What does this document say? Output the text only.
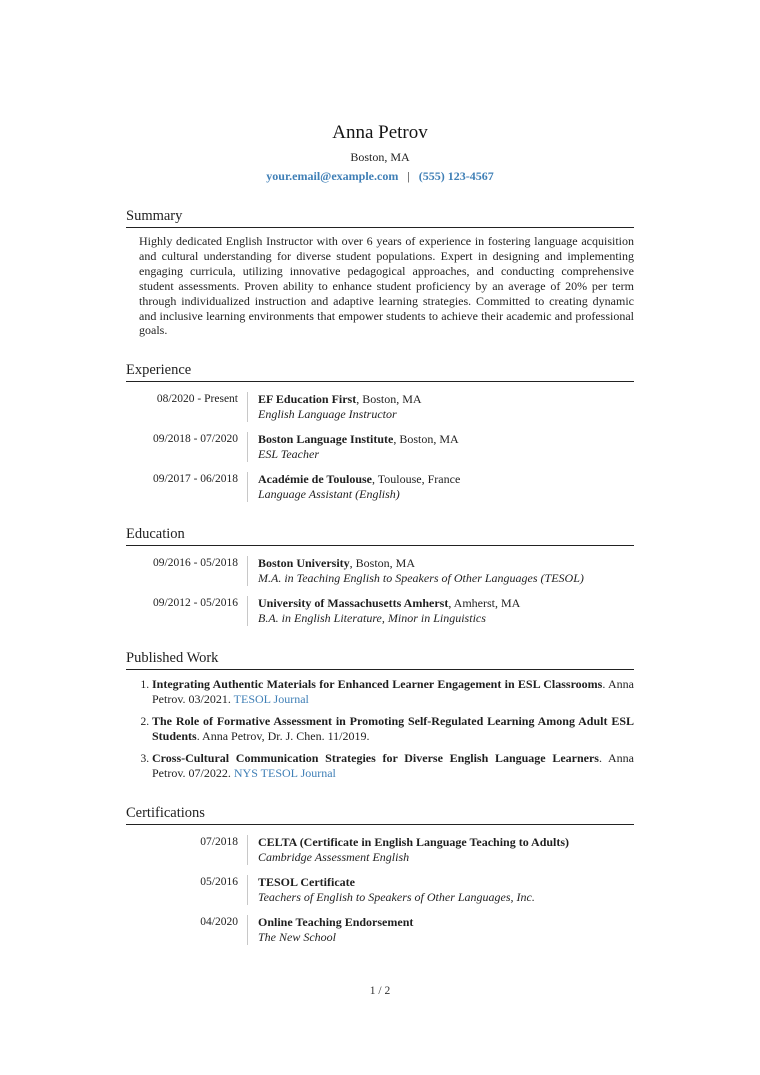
Anna Petrov
Boston, MA
your.email@example.com | (555) 123-4567
Summary
Highly dedicated English Instructor with over 6 years of experience in fostering language acquisition and cultural understanding for diverse student populations. Expert in designing and implementing engaging curricula, utilizing innovative pedagogical approaches, and conducting comprehensive student assessments. Proven ability to enhance student proficiency by an average of 20% per term through individualized instruction and adaptive learning strategies. Committed to creating dynamic and inclusive learning environments that empower students to achieve their academic and professional goals.
Experience
08/2020 - Present	EF Education First, Boston, MA
English Language Instructor
09/2018 - 07/2020	Boston Language Institute, Boston, MA
ESL Teacher
09/2017 - 06/2018	Académie de Toulouse, Toulouse, France
Language Assistant (English)
Education
09/2016 - 05/2018	Boston University, Boston, MA
M.A. in Teaching English to Speakers of Other Languages (TESOL)
09/2012 - 05/2016	University of Massachusetts Amherst, Amherst, MA
B.A. in English Literature, Minor in Linguistics
Published Work
1. Integrating Authentic Materials for Enhanced Learner Engagement in ESL Classrooms. Anna Petrov. 03/2021. TESOL Journal
2. The Role of Formative Assessment in Promoting Self-Regulated Learning Among Adult ESL Students. Anna Petrov, Dr. J. Chen. 11/2019.
3. Cross-Cultural Communication Strategies for Diverse English Language Learners. Anna Petrov. 07/2022. NYS TESOL Journal
Certifications
07/2018	CELTA (Certificate in English Language Teaching to Adults)
Cambridge Assessment English
05/2016	TESOL Certificate
Teachers of English to Speakers of Other Languages, Inc.
04/2020	Online Teaching Endorsement
The New School
1 / 2
